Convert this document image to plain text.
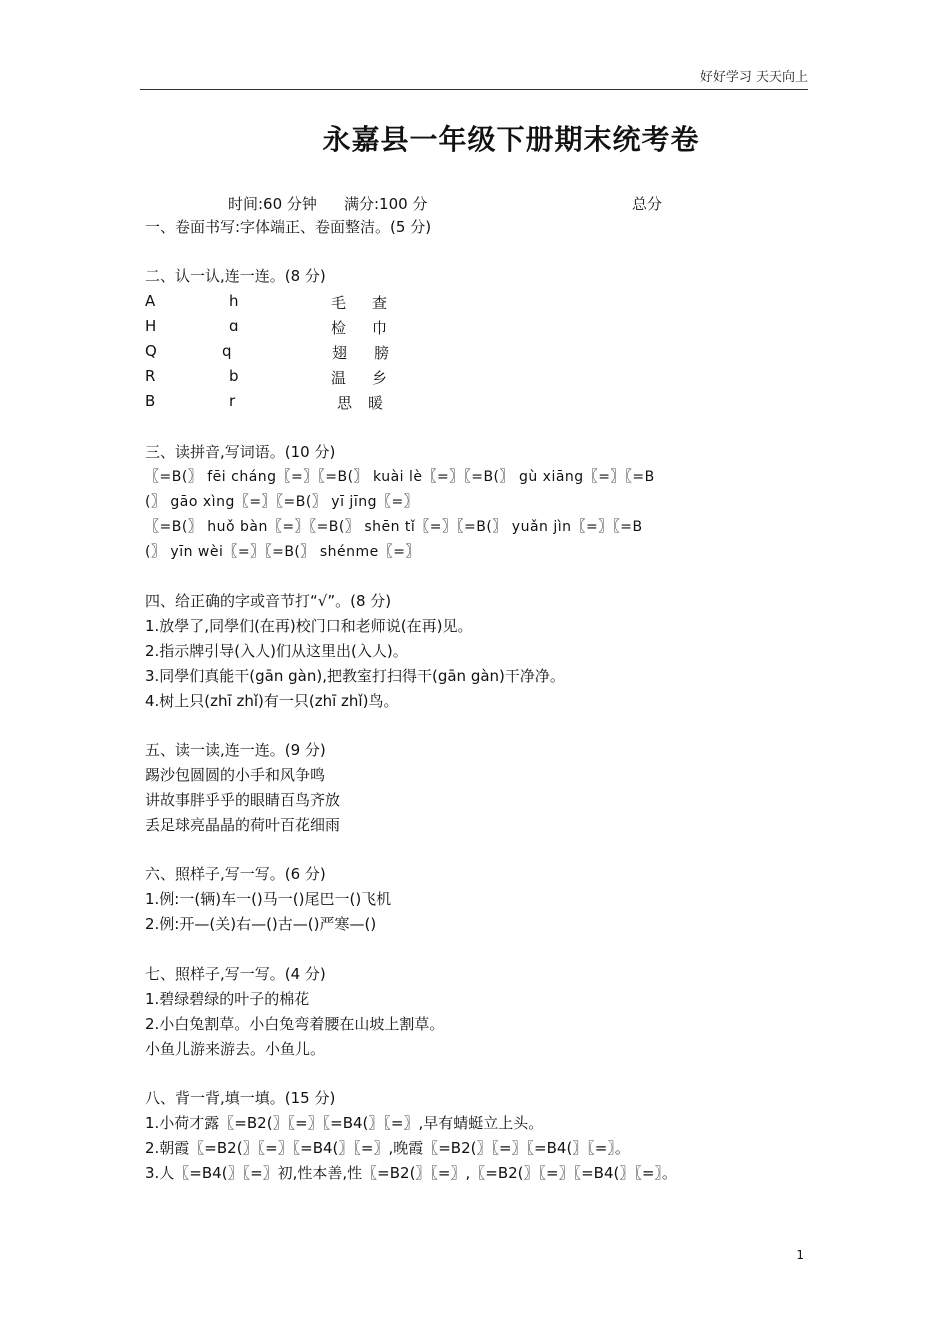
好好学习 天天向上
永嘉县一年级下册期末统考卷
时间:60 分钟 满分:100 分	总分
一、卷面书写:字体端正、卷面整洁。(5 分)
二、认一认,连一连。(8 分)
A
H
Q
R
B
h
ɑ
q
b
r
毛
检
翅
温
思
查
巾
膀
乡
暖
三、读拼音,写词语。(10 分)
〖=B(〗 fēi cháng〖=〗〖=B(〗 kuài lè〖=〗〖=B(〗 gù xiāng〖=〗〖=B
(〗 gāo xìng〖=〗〖=B(〗 yī jīng〖=〗
〖=B(〗 huǒ bàn〖=〗〖=B(〗 shēn tǐ〖=〗〖=B(〗 yuǎn jìn〖=〗〖=B
(〗 yīn wèi〖=〗〖=B(〗 shénme〖=〗
四、给正确的字或音节打“√”。(8 分)
1.放學了,同學们(在再)校门口和老师说(在再)见。
2.指示牌引导(入人)们从这里出(入人)。
3.同學们真能干(gān gàn),把教室打扫得干(gān gàn)干净净。
4.树上只(zhī zhǐ)有一只(zhī zhǐ)鸟。
五、读一读,连一连。(9 分)
踢沙包圆圆的小手和风争鸣
讲故事胖乎乎的眼睛百鸟齐放
丢足球亮晶晶的荷叶百花细雨
六、照样子,写一写。(6 分)
1.例:一(辆)车一()马一()尾巴一()飞机
2.例:开—(关)右—()古—()严寒—()
七、照样子,写一写。(4 分)
1.碧绿碧绿的叶子的棉花
2.小白兔割草。小白兔弯着腰在山坡上割草。
小鱼儿游来游去。小鱼儿。
八、背一背,填一填。(15 分)
1.小荷才露〖=B2(〗〖=〗〖=B4(〗〖=〗,早有蜻蜓立上头。
2.朝霞〖=B2(〗〖=〗〖=B4(〗〖=〗,晚霞〖=B2(〗〖=〗〖=B4(〗〖=〗。
3.人〖=B4(〗〖=〗初,性本善,性〖=B2(〗〖=〗,〖=B2(〗〖=〗〖=B4(〗〖=〗。
1
